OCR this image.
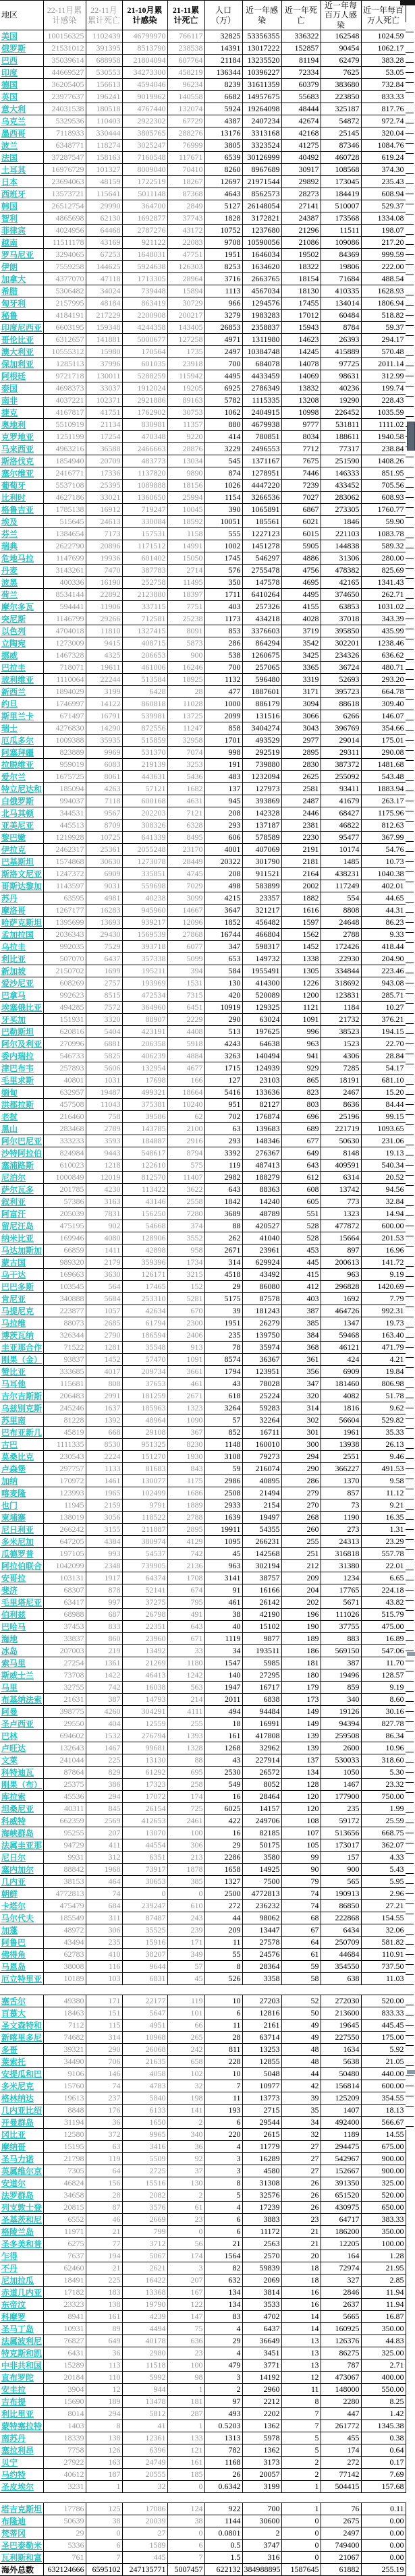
地区	22-11月累计感染	22-11月累计死亡	21-10月累计感染	21-11累计死亡	人口（万）	近一年感染	近一年死亡	近一年每百万人感染	近一年每百万人死亡
美国	100156325	1102439	46799970	766117	32825	53356355	336322	162548	1024.59
俄罗斯	21531012	391395	8513790	238538	14391	13017222	152857	90454	1062.17
巴西	35039614	688958	21804094	607764	21184	13235520	81194	62479	383.28
印度	44669527	530553	34273300	458219	136344	10396227	72334	7625	53.05
德国	36205405	156613	4594046	96234	8239	31611359	60379	383680	732.84
英国	23977637	196241	9019962	140558	6682	14957675	55683	223850	833.33
意大利	24031538	180518	4767440	132074	5924	19264098	48444	325187	817.76
乌克兰	5329536	110403	2922302	67729	4387	2407234	42674	54872	972.74
墨西哥	7118933	330444	3805765	288276	13176	3313168	42168	25145	320.04
波兰	6348771	118274	3025247	76999	3805	3323524	41275	87346	1084.76
法国	37287547	158163	7160548	117671	6539	30126999	40492	460728	619.24
土耳其	16976729	101327	8009040	70410	8260	8967689	30917	108568	374.30
日本	23694063	48159	1722519	18267	12697	21971544	29892	173045	235.43
西班牙	13573721	115641	5011148	87368	4643	8562573	28273	184419	608.94
韩国	26512754	29990	364700	2849	5127	26148054	27141	510007	529.37
智利	4865698	62130	1692877	37743	1828	3172821	24387	173568	1334.08
菲律宾	4024956	64468	2787276	43172	10752	1237680	21296	11511	198.07
越南	11511178	43169	921122	22083	9708	10590056	21086	109086	217.20
罗马尼亚	3294065	67253	1648031	47751	1951	1646034	19502	84369	999.59
伊朗	7559258	144625	5924638	126303	8253	1634620	18322	19806	222.00
加拿大	4377070	47118	1713305	28964	3716	2663765	18154	71684	488.54
希腊	5306482	34024	739448	15894	1113	4567034	18130	410335	1628.93
匈牙利	2157995	48184	863419	30729	966	1294576	17455	134014	1806.94
秘鲁	4184191	217229	2200908	200217	3279	1983283	17012	60484	518.82
印度尼西亚	6603195	159348	4244358	143405	26853	2358837	15943	8784	59.37
哥伦比亚	6312657	141881	5000677	127258	4971	1311980	14623	26393	294.17
澳大利亚	10555312	15980	170564	1735	2497	10384748	14245	415889	570.48
保加利亚	1285113	37996	601035	23918	700	684078	14078	97725	2011.14
阿根廷	9721718	130011	5288259	115942	4495	4433459	14069	98631	312.99
泰国	4698373	33037	1912024	19205	6925	2786349	13832	40236	199.74
南非	4037221	102371	2921886	89163	5782	1115335	13208	19290	228.43
捷克	4167817	41751	1762902	30753	1062	2404915	10998	226452	1035.59
奥地利	5510919	21134	830981	11357	880	4679938	9777	531811	1111.02
克罗地亚	1251199	17254	470348	9220	414	780851	8034	188611	1940.58
马来西亚	4963216	36588	2466663	28876	3229	2496553	7712	77317	238.84
斯洛伐克	1854940	20709	483773	13034	545	1371167	7675	251590	1408.26
塞尔维亚	2416771	17336	1137820	9890	874	1278951	7446	146333	851.95
葡萄牙	5537108	25395	1089888	18156	1026	4447220	7239	433452	705.56
比利时	4627186	33021	1360650	25994	1154	3266536	7027	283062	608.93
格鲁吉亚	1785138	16912	719247	10045	390	1065891	6867	273305	1760.77
埃及	515645	24613	330084	18592	10051	185561	6021	1846	59.90
芬兰	1384654	7173	157531	1158	555	1227123	6015	221103	1083.78
瑞典	2622790	20896	1171512	14991	1002	1451278	5905	144838	589.32
危地马拉	1147699	19936	601402	15050	1745	546297	4886	31306	280.00
丹麦	3143261	7470	387783	2714	576	2755478	4756	478382	825.69
波黑	400336	16190	252758	11495	350	147578	4695	42165	1341.43
荷兰	8534144	22892	2123880	18397	1711	6410264	4495	374650	262.71
摩尔多瓦	594441	11906	337115	7751	403	257326	4155	63853	1031.02
突尼斯	1146799	29266	712581	25238	1173	434218	4028	37018	343.39
以色列	4704018	11810	1327415	8091	853	3376603	3719	395850	435.99
立陶宛	1273009	9415	408715	5873	286	864294	3542	302201	1238.46
挪威	1467328	4325	206653	900	538	1260675	3425	234326	636.62
巴拉圭	718071	19611	461006	16246	700	257065	3365	36724	480.71
玻利维亚	1110064	22244	513584	18925	1132	596480	3319	52693	293.20
新西兰	1894029	3199	6428	28	477	1887601	3171	395723	664.78
约旦	1746997	14122	860818	11028	1000	886179	3094	88618	309.40
斯里兰卡	671497	16791	539981	13725	2099	131516	3066	6266	146.07
瑞士	4276830	14290	872556	11247	858	3404274	3043	396769	354.66
厄瓜多尔	1009388	35935	515859	32958	1701	493529	2977	29014	175.01
阿塞拜疆	823889	9969	531370	7074	998	292519	2895	29311	290.08
拉脱维亚	959019	6083	219139	3253	191	739880	2830	387372	1481.68
爱尔兰	1675725	8061	443631	5436	483	1232094	2625	255092	543.48
特立尼达和	185094	4263	57121	1682	137	127973	2581	93411	1883.94
白俄罗斯	994037	7118	600168	4631	945	393869	2487	41679	263.17
北马其顿	344531	9567	202203	7121	208	142328	2446	68427	1175.96
亚美尼亚	445513	8709	308326	6328	293	137187	2381	46822	812.63
黎巴嫩	1219928	10725	641339	8495	606	578589	2230	95477	367.99
伊拉克	2462317	25361	2055248	23170	4001	407069	2191	10174	54.76
巴基斯坦	1574868	30630	1273078	28449	20322	301790	2181	1485	10.73
斯洛文尼亚	1247372	6909	335851	4745	208	911521	2164	438231	1040.38
哥斯达黎加	1143597	9031	559698	7029	498	583899	2002	117249	402.01
苏丹	63595	4981	40238	3099	4215	23357	1882	554	44.65
摩洛哥	1267177	16283	945960	14667	3647	321217	1616	8808	44.31
哈萨克斯坦	1395699	13693	939217	12096	1852	456482	1597	24648	86.23
孟加拉国	2036343	29430	1569539	27868	16744	466804	1562	2788	9.33
乌拉圭	992035	7529	393718	6077	347	598317	1452	172426	418.44
利比亚	507070	6437	357338	5099	653	149732	1338	22930	204.90
新加坡	2150702	1699	195211	394	584	1955491	1305	334844	223.46
爱沙尼亚	608269	2757	193969	1531	130	414300	1226	318692	943.08
巴拿马	992623	8515	472534	7315	420	520089	1200	123831	285.71
埃塞俄比亚	494285	7572	364960	6451	10919	129325	1121	1184	10.27
牙买加	151931	3320	88907	2229	290	63024	1091	21732	376.21
巴勒斯坦	620816	5404	423191	4408	513	197625	996	38523	194.15
阿尔及利亚	270996	6881	206358	5918	4243	64638	963	1523	22.70
委内瑞拉	546733	5825	406239	4884	3263	140494	941	4306	28.84
津巴布韦	257893	5606	132954	4677	1715	124939	929	7285	54.17
毛里求斯	40801	1031	17698	166	127	23103	865	18191	681.10
缅甸	632957	19487	499321	18664	5416	133636	823	2467	15.20
洪都拉斯	457508	11043	375381	10240	951	82127	803	8636	84.44
老挝	216460	758	39586	62	702	176874	696	25196	99.15
黑山	283468	2789	143785	2100	63	139683	689	221719	1093.65
阿尔巴尼亚	333233	3593	184887	2916	293	148346	677	50630	231.06
沙特阿拉伯	824984	9443	548617	8794	3392	276367	649	8148	19.13
塞浦路斯	610023	1218	122610	575	119	487413	643	409591	540.34
尼泊尔	1000849	12019	812570	11407	2982	188279	612	6314	20.52
萨尔瓦多	201785	4230	113422	3622	643	88363	608	13742	94.56
叙利亚	57386	3163	43146	2558	1842	14240	605	773	32.84
阿富汗	205039	7831	156250	7280	3689	48789	551	1323	14.94
留尼汪岛	475195	902	54668	374	88	420527	528	477872	600.00
纳米比亚	169946	4080	128906	3552	262	41040	528	15664	201.53
马达加斯加	66859	1411	42898	958	2671	23961	453	897	16.96
蒙古国	989320	2179	359396	1734	314	629924	445	200613	141.72
乌干达	169663	3630	126171	3215	4518	43492	415	963	9.19
巴巴多斯	103545	564	17465	152	29	86080	412	296828	1420.69
肯尼亚	340888	5684	253310	5281	5175	87578	403	1692	7.79
马提尼克	223877	1057	42634	670	39	181243	387	464726	992.31
马拉维	88073	2685	61794	2300	1951	26279	385	1347	19.73
博茨瓦纳	326344	2790	186594	2406	235	139750	384	59468	163.40
圭亚那合作	71522	1281	35548	913	78	35974	368	46121	471.79
刚果（金）	93837	1452	57470	1091	8574	36367	361	424	4.21
赞比亚	333685	4017	209734	3661	1794	123951	356	6909	19.84
马耳他	115681	808	37653	461	43	78028	347	181460	806.98
吉尔吉斯斯	206483	2991	181259	2671	618	25224	320	4082	51.78
乌兹别克斯	245246	1637	185963	1323	3264	59283	314	1816	9.62
苏里南	81228	1392	48964	1090	57	32264	302	56604	529.82
巴布亚新几	45819	668	29108	367	852	16711	301	1961	35.33
古巴	1111335	8530	951325	8230	1148	160010	300	13938	26.13
莫桑比克	230543	2224	151270	1930	3108	79273	294	2551	9.46
卢森堡	297757	1133	81683	843	59	216074	290	366227	491.53
加纳	170972	1461	130077	1175	2986	40895	286	1370	9.58
喀麦隆	123993	1965	102499	1686	2508	21494	279	857	11.12
也门	11945	2159	9791	1889	2933	2154	270	73	9.21
柬埔寨	138019	3056	118522	2788	1639	19497	268	1190	16.35
尼日利亚	266242	3155	211887	2895	19911	54355	260	273	1.31
多米尼加	647205	4384	380974	4129	1095	266231	255	24313	23.29
瓜德罗普	197105	993	54537	742	45	142568	251	316818	557.78
阿拉伯联合	1042099	2348	739905	2136	963	302194	212	31380	22.01
安哥拉	103131	1917	64374	1708	3141	38757	209	1234	6.65
斐济	68307	878	52141	674	91	16166	204	17765	224.18
毛里塔尼亚	63417	997	37275	795	461	26142	202	5671	43.82
伯利兹	68988	687	26798	491	38	42190	196	111026	515.79
巴哈马	37453	833	22351	643	40	15102	190	37755	475.00
海地	33837	860	23960	671	1119	9877	189	883	16.89
冰岛	207003	219	13492	33	34	193511	186	569150	547.06
索马里	27254	1361	21269	1180	1547	5985	181	387	11.70
斯威士兰	73708	1422	46413	1242	140	27295	180	19496	128.57
马里	32755	742	16038	563	1947	16717	179	859	9.19
布基纳法索	21631	387	14793	214	2011	6838	173	340	8.60
阿曼	398775	4260	304291	4111	494	94484	149	19126	30.16
圣卢西亚	29550	404	12559	255	18	16991	149	94394	827.78
巴林	694602	1532	276794	1393	161	417808	139	259508	86.34
卢旺达	132643	1467	99681	1328	1268	32962	139	2600	10.96
文莱	241044	225	13130	88	43	227914	137	530033	318.60
科特迪瓦	87864	829	61292	695	2530	26572	134	1050	5.30
刚果（布）	25375	386	17323	258	549	8052	128	1467	23.32
库拉索	45536	294	17072	174	16	28464	120	177900	750.00
坦桑尼亚	40311	845	26154	725	6025	14157	120	235	1.99
科威特	662359	2569	412653	2461	422	249706	108	59172	25.59
海峡群岛	95255	207	13070	100	16	82185	107	513656	668.75
法属圭亚那	94729	411	44554	306	29	50175	105	173017	362.07
尼日尔	9931	312	6351	213	2286	3580	99	157	4.33
塞内加尔	88842	1968	73917	1878	1658	14925	90	900	5.43
几内亚	38153	464	30653	385	1327	7500	79	565	5.95
朝鲜	4772813	74	0	0	2500	4772813	74	190913	2.96
卡塔尔	475479	684	239247	610	272	236232	74	86850	27.21
马尔代夫	185549	311	87487	243	44	98062	68	222868	154.55
加蓬	48972	306	35525	239	209	13447	67	6434	32.06
阿鲁巴	43494	235	15916	171	11	27578	64	250709	581.82
佛得角	62783	410	38207	349	55	24576	61	44684	110.91
马恩岛	38008	116	9644	57	8	28364	59	354550	737.50
厄立特里亚	10189	103	6831	45	526	3358	58	638	11.03

塞舌尔	49380	171	22177	119	10	27203	52	272030	520.00
百慕大	18463	151	5647	101	6	12816	50	213600	833.33
圣文森特和	7112	115	4951	66	11	2161	49	19645	445.45
新喀里多尼	74682	314	10968	265	28	63714	49	227550	175.00
多哥	39321	290	26068	242	811	13253	48	1634	5.92
莱索托	34490	706	21635	658	228	12855	48	5638	21.05
安提瓜和巴	9106	146	4058	102	10	5048	44	50480	440.00
多米尼克	15760	74	4783	32	7	10977	42	156814	600.00
格林纳达	19613	237	5840	198	11	13773	39	125209	354.55
几内亚比绍	8848	176	6133	141	193	2715	35	1407	18.13
开曼群岛	31194	36	1650	2	6	29544	34	492400	566.67
冈比亚	12580	372	9965	340	220	2615	32	1189	14.55
摩纳哥	15195	63	3416	36	4	11779	27	294475	675.00
圣马力诺	21798	119	5509	92	3	16289	27	542967	900.00
英属维尔京	7305	64	2725	37	3	4580	27	152667	900.00
安道尔	46824	156	15516	130	8	31308	26	391350	325.00
法罗群岛	34658	28	2082	2	5	32576	26	651520	520.00
列支敦士登	20815	87	3576	61	4	17239	26	430975	650.00
圣基茨和尼	6552	46	2669	23	6	3883	23	64717	383.33
格陵兰岛	11971	21	799	0	6	11172	21	186200	350.00
圣多美和普	6275	77	3712	56	21	2563	21	12205	100.00
乍得	7637	194	5067	174	1564	2570	20	164	1.28
不丹	62460	21	2621	3	82	59839	18	72974	21.95
尼加拉瓜	18491	225	16422	207	632	2069	18	327	2.85
赤道几内亚	17182	183	13368	167	134	3814	16	2846	11.94
东帝汶	23323	138	19790	122	134	3533	16	2637	11.94
科摩罗	8941	161	4239	147	83	4702	14	5665	16.87
圣马丁岛	10931	89	4494	75	4	6437	14	160925	350.00
法属波利尼	76827	649	40178	636	29	36649	13	126376	44.83
特克斯和凯	6431	36	2980	23	4	3451	13	86275	325.00
中非共和国	15289	113	11518	100	479	3771	13	787	2.71
直布罗陀	20184	110	5992	98	3	14192	12	473067	400.00
安圭拉	3904	12	944	1	2	2960	11	148000	550.00
吉布提	15690	189	13478	181	97	2212	8	2280	8.25
利比里亚	8014	294	5812	287	493	2202	7	447	1.42
蒙特塞拉特	1403	8	41	1	0.5203	1362	7	261772	1345.38
南苏丹	18339	138	12361	133	1313	5978	5	455	0.38
塞拉利昂	7758	126	6396	121	782	1362	5	174	0.64
贝宁	27922	163	24749	161	1168	3173	2	272	0.17
马约特	40612	187	20555	185	26	20057	2	77142	7.69
圣皮埃尔	3231	1	32	0	0.6342	3199	1	504415	157.68

塔吉克斯坦	17786	125	17086	124	922	700	1	76	0.11
布隆迪	50639	38	20039	38	1144	30600	0	2675	0.00
梵蒂冈	29	0	27	0	0.0801	2	0	2497	0.00
圣巴泰勒米	5336	6	1589	6	0.5	3747	0	749400	0.00
瓦利斯和富	761	7	445	7	1.5	316	0	21067	0.00
海外总数	632124666	6595102	247135771	5007457	622132	384988895	1587645	61882	255.19
